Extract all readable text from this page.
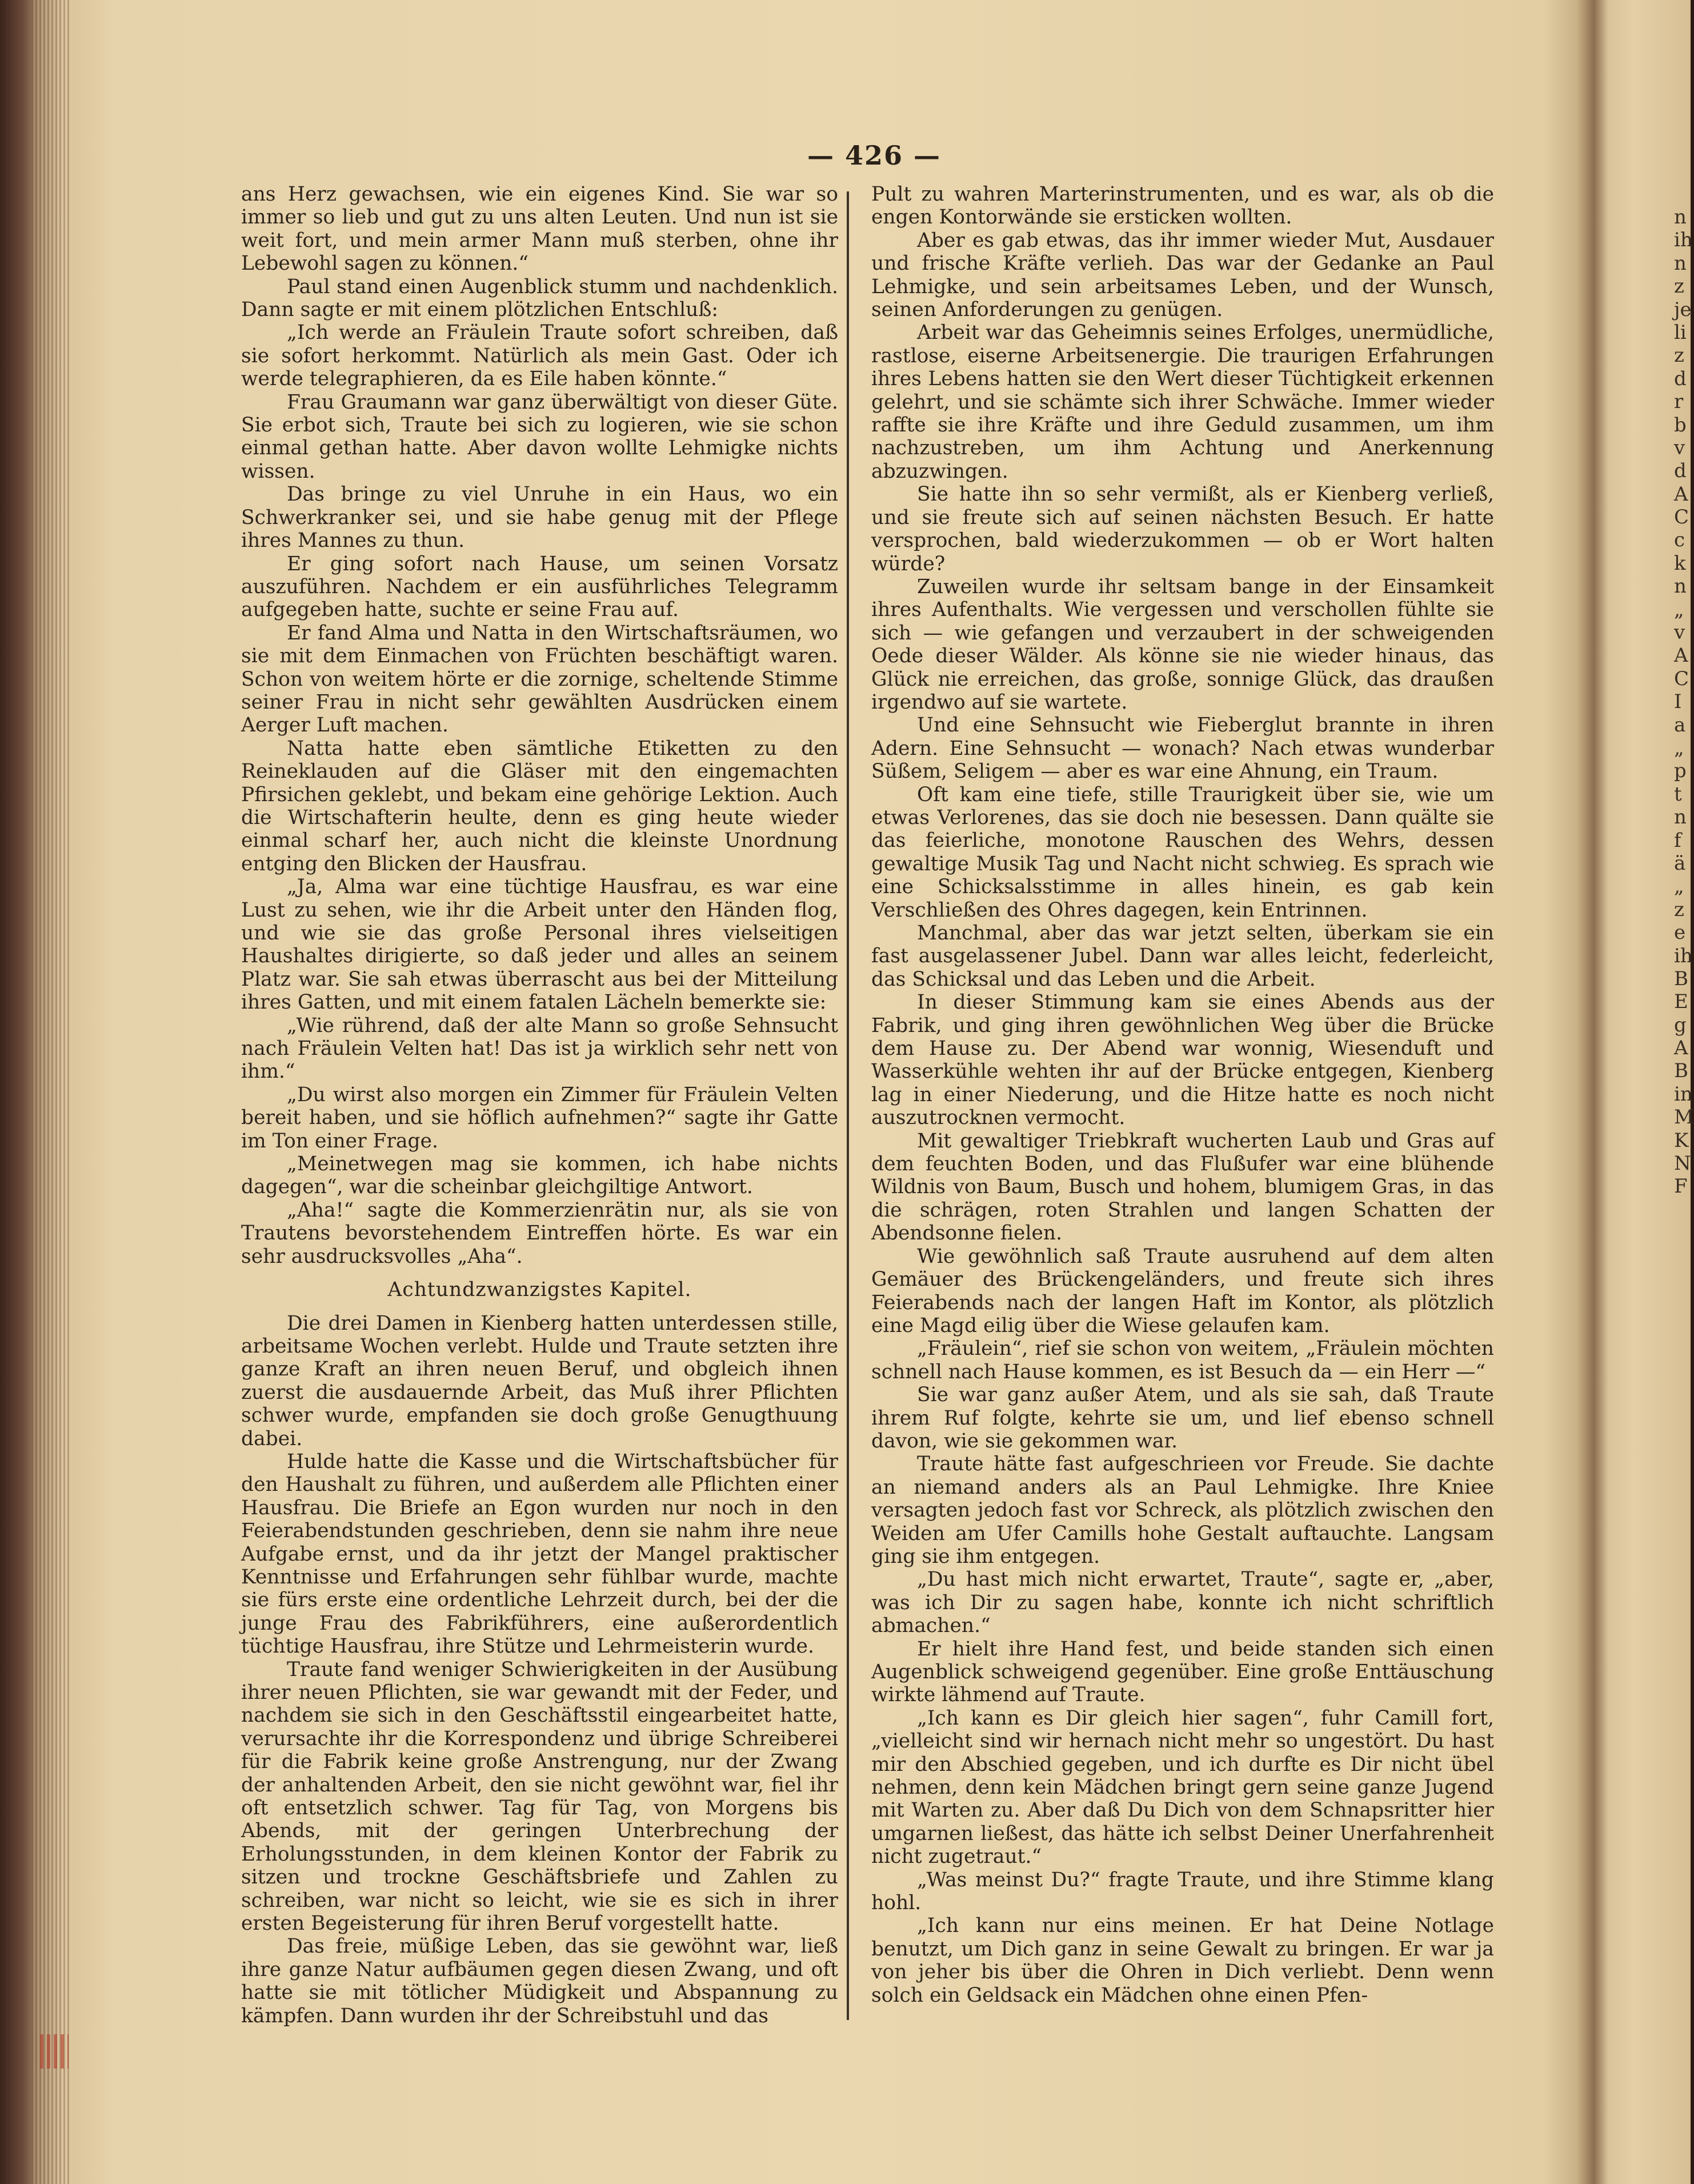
— 426 —

ans Herz gewachsen, wie ein eigenes Kind. Sie war so immer so lieb und gut zu uns alten Leuten. Und nun ist sie weit fort, und mein armer Mann muß sterben, ohne ihr Lebewohl sagen zu können.“

Paul stand einen Augenblick stumm und nachdenklich. Dann sagte er mit einem plötzlichen Entschluß:

„Ich werde an Fräulein Traute sofort schreiben, daß sie sofort herkommt. Natürlich als mein Gast. Oder ich werde telegraphieren, da es Eile haben könnte.“

Frau Graumann war ganz überwältigt von dieser Güte. Sie erbot sich, Traute bei sich zu logieren, wie sie schon einmal gethan hatte. Aber davon wollte Lehmigke nichts wissen.

Das bringe zu viel Unruhe in ein Haus, wo ein Schwerkranker sei, und sie habe genug mit der Pflege ihres Mannes zu thun.

Er ging sofort nach Hause, um seinen Vorsatz auszuführen. Nachdem er ein ausführliches Telegramm aufgegeben hatte, suchte er seine Frau auf.

Er fand Alma und Natta in den Wirtschaftsräumen, wo sie mit dem Einmachen von Früchten beschäftigt waren. Schon von weitem hörte er die zornige, scheltende Stimme seiner Frau in nicht sehr gewählten Ausdrücken einem Aerger Luft machen.

Natta hatte eben sämtliche Etiketten zu den Reineklauden auf die Gläser mit den eingemachten Pfirsichen geklebt, und bekam eine gehörige Lektion. Auch die Wirtschafterin heulte, denn es ging heute wieder einmal scharf her, auch nicht die kleinste Unordnung entging den Blicken der Hausfrau.

„Ja, Alma war eine tüchtige Hausfrau, es war eine Lust zu sehen, wie ihr die Arbeit unter den Händen flog, und wie sie das große Personal ihres vielseitigen Haushaltes dirigierte, so daß jeder und alles an seinem Platz war. Sie sah etwas überrascht aus bei der Mitteilung ihres Gatten, und mit einem fatalen Lächeln bemerkte sie:

„Wie rührend, daß der alte Mann so große Sehnsucht nach Fräulein Velten hat! Das ist ja wirklich sehr nett von ihm.“

„Du wirst also morgen ein Zimmer für Fräulein Velten bereit haben, und sie höflich aufnehmen?“ sagte ihr Gatte im Ton einer Frage.

„Meinetwegen mag sie kommen, ich habe nichts dagegen“, war die scheinbar gleichgiltige Antwort.

„Aha!“ sagte die Kommerzienrätin nur, als sie von Trautens bevorstehendem Eintreffen hörte. Es war ein sehr ausdrucksvolles „Aha“.

Achtundzwanzigstes Kapitel.

Die drei Damen in Kienberg hatten unterdessen stille, arbeitsame Wochen verlebt. Hulde und Traute setzten ihre ganze Kraft an ihren neuen Beruf, und obgleich ihnen zuerst die ausdauernde Arbeit, das Muß ihrer Pflichten schwer wurde, empfanden sie doch große Genugthuung dabei.

Hulde hatte die Kasse und die Wirtschaftsbücher für den Haushalt zu führen, und außerdem alle Pflichten einer Hausfrau. Die Briefe an Egon wurden nur noch in den Feierabendstunden geschrieben, denn sie nahm ihre neue Aufgabe ernst, und da ihr jetzt der Mangel praktischer Kenntnisse und Erfahrungen sehr fühlbar wurde, machte sie fürs erste eine ordentliche Lehrzeit durch, bei der die junge Frau des Fabrikführers, eine außerordentlich tüchtige Hausfrau, ihre Stütze und Lehrmeisterin wurde.

Traute fand weniger Schwierigkeiten in der Ausübung ihrer neuen Pflichten, sie war gewandt mit der Feder, und nachdem sie sich in den Geschäftsstil eingearbeitet hatte, verursachte ihr die Korrespondenz und übrige Schreiberei für die Fabrik keine große Anstrengung, nur der Zwang der anhaltenden Arbeit, den sie nicht gewöhnt war, fiel ihr oft entsetzlich schwer. Tag für Tag, von Morgens bis Abends, mit der geringen Unterbrechung der Erholungsstunden, in dem kleinen Kontor der Fabrik zu sitzen und trockne Geschäftsbriefe und Zahlen zu schreiben, war nicht so leicht, wie sie es sich in ihrer ersten Begeisterung für ihren Beruf vorgestellt hatte.

Das freie, müßige Leben, das sie gewöhnt war, ließ ihre ganze Natur aufbäumen gegen diesen Zwang, und oft hatte sie mit tötlicher Müdigkeit und Abspannung zu kämpfen. Dann wurden ihr der Schreibstuhl und das

Pult zu wahren Marterinstrumenten, und es war, als ob die engen Kontorwände sie ersticken wollten.

Aber es gab etwas, das ihr immer wieder Mut, Ausdauer und frische Kräfte verlieh. Das war der Gedanke an Paul Lehmigke, und sein arbeitsames Leben, und der Wunsch, seinen Anforderungen zu genügen.

Arbeit war das Geheimnis seines Erfolges, unermüdliche, rastlose, eiserne Arbeitsenergie. Die traurigen Erfahrungen ihres Lebens hatten sie den Wert dieser Tüchtigkeit erkennen gelehrt, und sie schämte sich ihrer Schwäche. Immer wieder raffte sie ihre Kräfte und ihre Geduld zusammen, um ihm nachzustreben, um ihm Achtung und Anerkennung abzuzwingen.

Sie hatte ihn so sehr vermißt, als er Kienberg verließ, und sie freute sich auf seinen nächsten Besuch. Er hatte versprochen, bald wiederzukommen — ob er Wort halten würde?

Zuweilen wurde ihr seltsam bange in der Einsamkeit ihres Aufenthalts. Wie vergessen und verschollen fühlte sie sich — wie gefangen und verzaubert in der schweigenden Oede dieser Wälder. Als könne sie nie wieder hinaus, das Glück nie erreichen, das große, sonnige Glück, das draußen irgendwo auf sie wartete.

Und eine Sehnsucht wie Fieberglut brannte in ihren Adern. Eine Sehnsucht — wonach? Nach etwas wunderbar Süßem, Seligem — aber es war eine Ahnung, ein Traum.

Oft kam eine tiefe, stille Traurigkeit über sie, wie um etwas Verlorenes, das sie doch nie besessen. Dann quälte sie das feierliche, monotone Rauschen des Wehrs, dessen gewaltige Musik Tag und Nacht nicht schwieg. Es sprach wie eine Schicksalsstimme in alles hinein, es gab kein Verschließen des Ohres dagegen, kein Entrinnen.

Manchmal, aber das war jetzt selten, überkam sie ein fast ausgelassener Jubel. Dann war alles leicht, federleicht, das Schicksal und das Leben und die Arbeit.

In dieser Stimmung kam sie eines Abends aus der Fabrik, und ging ihren gewöhnlichen Weg über die Brücke dem Hause zu. Der Abend war wonnig, Wiesenduft und Wasserkühle wehten ihr auf der Brücke entgegen, Kienberg lag in einer Niederung, und die Hitze hatte es noch nicht auszutrocknen vermocht.

Mit gewaltiger Triebkraft wucherten Laub und Gras auf dem feuchten Boden, und das Flußufer war eine blühende Wildnis von Baum, Busch und hohem, blumigem Gras, in das die schrägen, roten Strahlen und langen Schatten der Abendsonne fielen.

Wie gewöhnlich saß Traute ausruhend auf dem alten Gemäuer des Brückengeländers, und freute sich ihres Feierabends nach der langen Haft im Kontor, als plötzlich eine Magd eilig über die Wiese gelaufen kam.

„Fräulein“, rief sie schon von weitem, „Fräulein möchten schnell nach Hause kommen, es ist Besuch da — ein Herr —“

Sie war ganz außer Atem, und als sie sah, daß Traute ihrem Ruf folgte, kehrte sie um, und lief ebenso schnell davon, wie sie gekommen war.

Traute hätte fast aufgeschrieen vor Freude. Sie dachte an niemand anders als an Paul Lehmigke. Ihre Kniee versagten jedoch fast vor Schreck, als plötzlich zwischen den Weiden am Ufer Camills hohe Gestalt auftauchte. Langsam ging sie ihm entgegen.

„Du hast mich nicht erwartet, Traute“, sagte er, „aber, was ich Dir zu sagen habe, konnte ich nicht schriftlich abmachen.“

Er hielt ihre Hand fest, und beide standen sich einen Augenblick schweigend gegenüber. Eine große Enttäuschung wirkte lähmend auf Traute.

„Ich kann es Dir gleich hier sagen“, fuhr Camill fort, „vielleicht sind wir hernach nicht mehr so ungestört. Du hast mir den Abschied gegeben, und ich durfte es Dir nicht übel nehmen, denn kein Mädchen bringt gern seine ganze Jugend mit Warten zu. Aber daß Du Dich von dem Schnapsritter hier umgarnen ließest, das hätte ich selbst Deiner Unerfahrenheit nicht zugetraut.“

„Was meinst Du?“ fragte Traute, und ihre Stimme klang hohl.

„Ich kann nur eins meinen. Er hat Deine Notlage benutzt, um Dich ganz in seine Gewalt zu bringen. Er war ja von jeher bis über die Ohren in Dich verliebt. Denn wenn solch ein Geldsack ein Mädchen ohne einen Pfen-

n
ih
n
z
je
li
z
d
r
b
v
d
A
C
c
k
n
„
v
A
C
I
a
„
p
t
n
f
ä
„
z
e
ih
B
E
g
A
B
in
M
K
N
F
